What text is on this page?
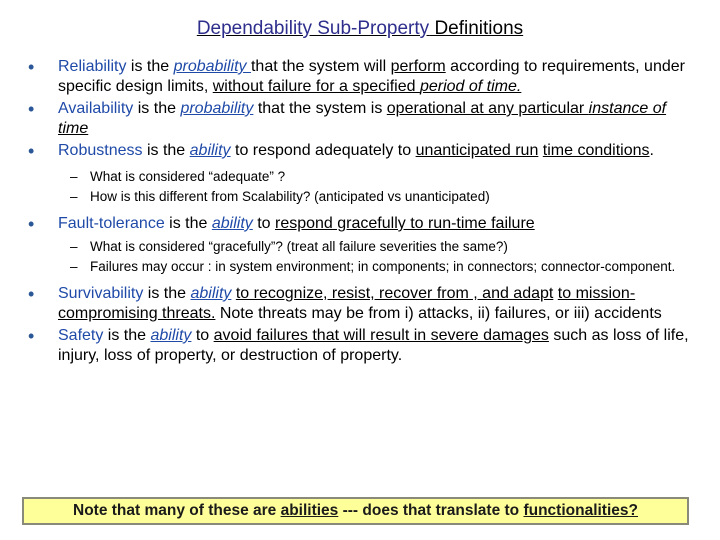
Dependability Sub-Property Definitions

•	Reliability is the probability that the system will perform according to requirements, under specific design limits, without failure for a specified period of time.

•	Availability is the probability that the system is operational at any particular instance of time

•	Robustness is the ability to respond adequately to unanticipated run time conditions.

– What is considered “adequate” ?

– How is this different from Scalability? (anticipated vs unanticipated)

•	Fault-tolerance is the ability to respond gracefully to run-time failure

– What is considered “gracefully”? (treat all failure severities the same?)

– Failures may occur : in system environment; in components; in connectors; connector-component.

•	Survivability is the ability to recognize, resist, recover from , and adapt to mission-compromising threats. Note threats may be from i) attacks, ii) failures, or iii) accidents

•	Safety is the ability to avoid failures that will result in severe damages such as loss of life, injury, loss of property, or destruction of property.

Note that many of these are abilities --- does that translate to functionalities?
